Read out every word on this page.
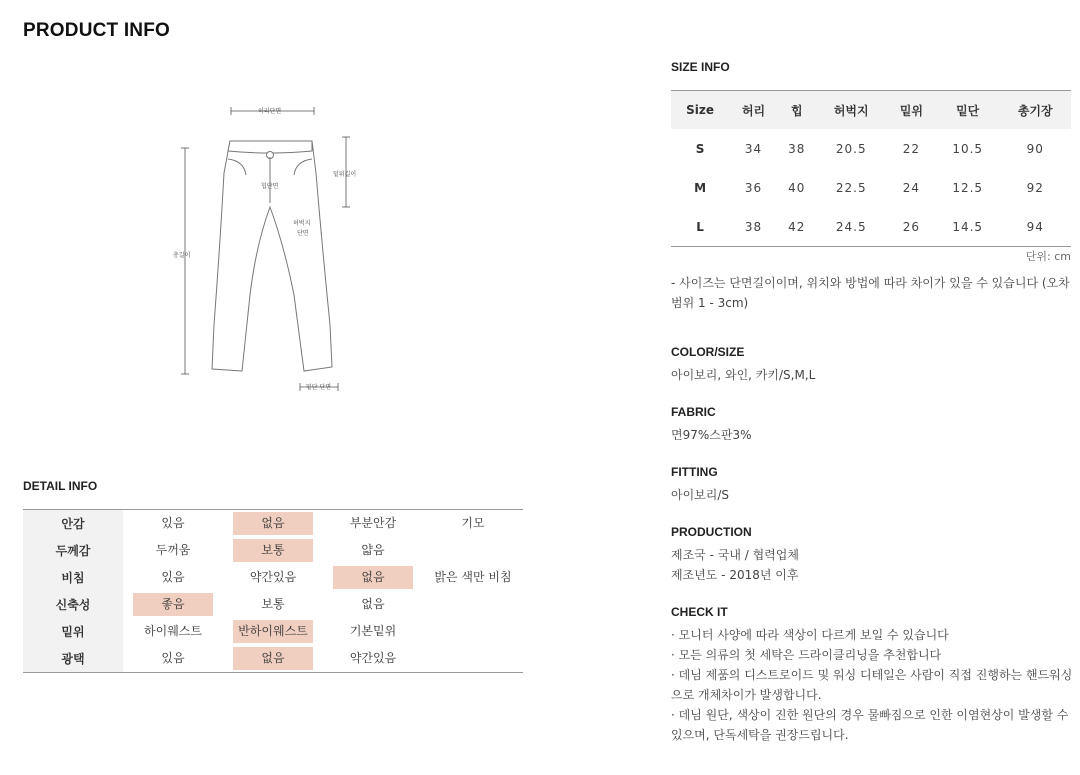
PRODUCT INFO
허리단면
밑위길이
힙단면
허벅지
단면
총길이
밑단 단면
DETAIL INFO
안감	있음	없음	부분안감	기모
두께감	두꺼움	보통	얇음	
비침	있음	약간있음	없음	밝은 색만 비침
신축성	좋음	보통	없음	
밑위	하이웨스트	반하이웨스트	기본밑위	
광택	있음	없음	약간있음	
SIZE INFO
Size	허리	힙	허벅지	밑위	밑단	총기장
S	34	38	20.5	22	10.5	90
M	36	40	22.5	24	12.5	92
L	38	42	24.5	26	14.5	94
단위: cm
- 사이즈는 단면길이이며, 위치와 방법에 따라 차이가 있을 수 있습니다 (오차범위 1 - 3cm)
COLOR/SIZE
아이보리, 와인, 카키/S,M,L
FABRIC
면97%스판3%
FITTING
아이보리/S
PRODUCTION
제조국 - 국내 / 협력업체
제조년도 - 2018년 이후
CHECK IT
· 모니터 사양에 따라 색상이 다르게 보일 수 있습니다
· 모든 의류의 첫 세탁은 드라이클리닝을 추천합니다
· 데님 제품의 디스트로이드 및 워싱 디테일은 사람이 직접 진행하는 핸드워싱으로 개체차이가 발생합니다.
· 데님 원단, 색상이 진한 원단의 경우 물빠짐으로 인한 이염현상이 발생할 수 있으며, 단독세탁을 권장드립니다.
